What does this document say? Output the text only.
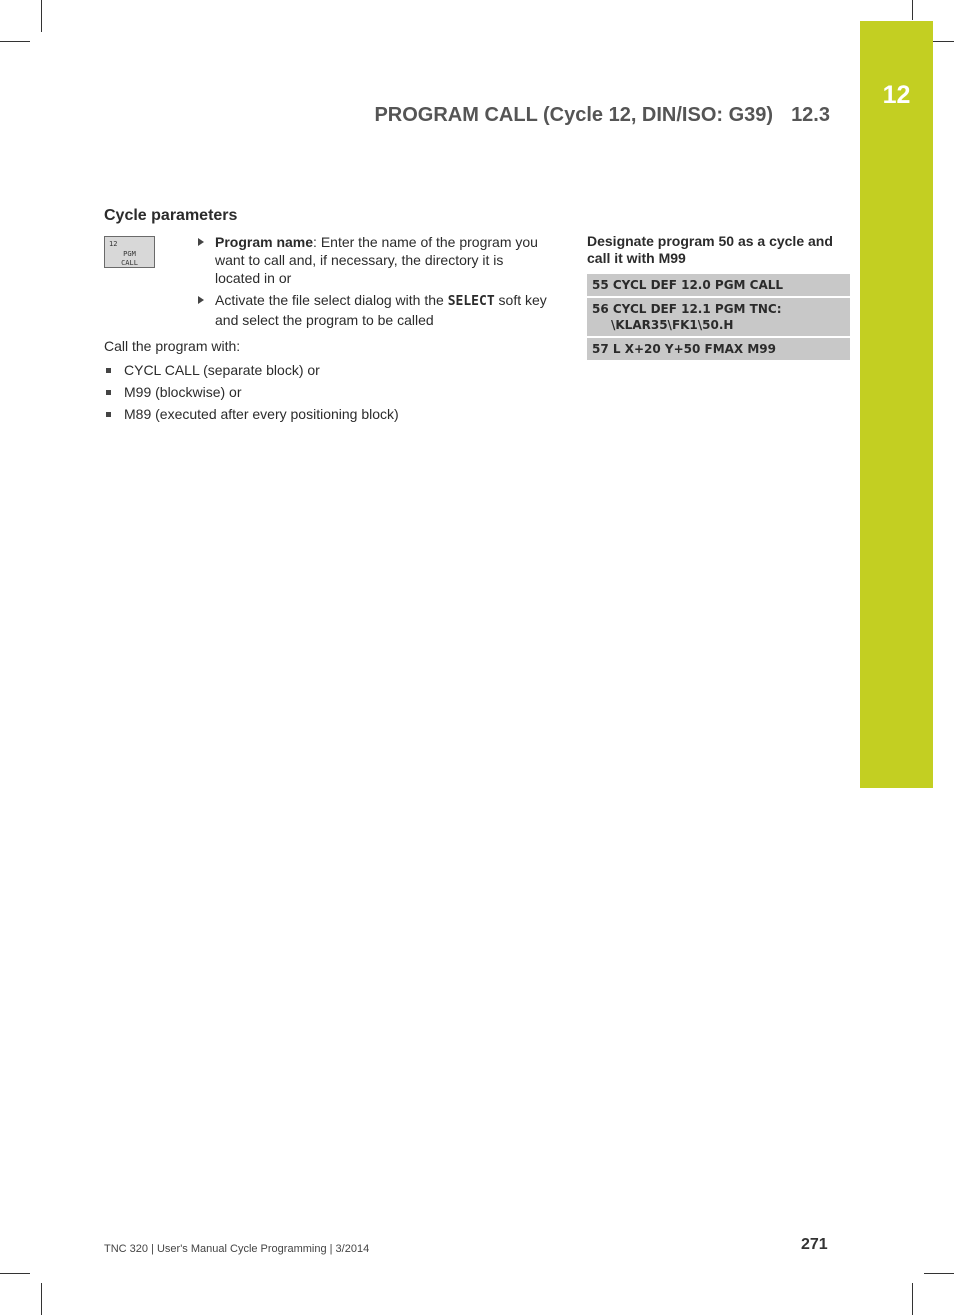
12
PROGRAM CALL (Cycle 12, DIN/ISO: G39) 12.3
Cycle parameters
12
PGM
CALL
Program name: Enter the name of the program you want to call and, if necessary, the directory it is located in or
Activate the file select dialog with the SELECT soft key and select the program to be called
Call the program with:
CYCL CALL (separate block) or
M99 (blockwise) or
M89 (executed after every positioning block)
Designate program 50 as a cycle and call it with M99
55 CYCL DEF 12.0 PGM CALL
56 CYCL DEF 12.1 PGM TNC:
\KLAR35\FK1\50.H
57 L X+20 Y+50 FMAX M99
TNC 320 | User's Manual Cycle Programming | 3/2014	271
